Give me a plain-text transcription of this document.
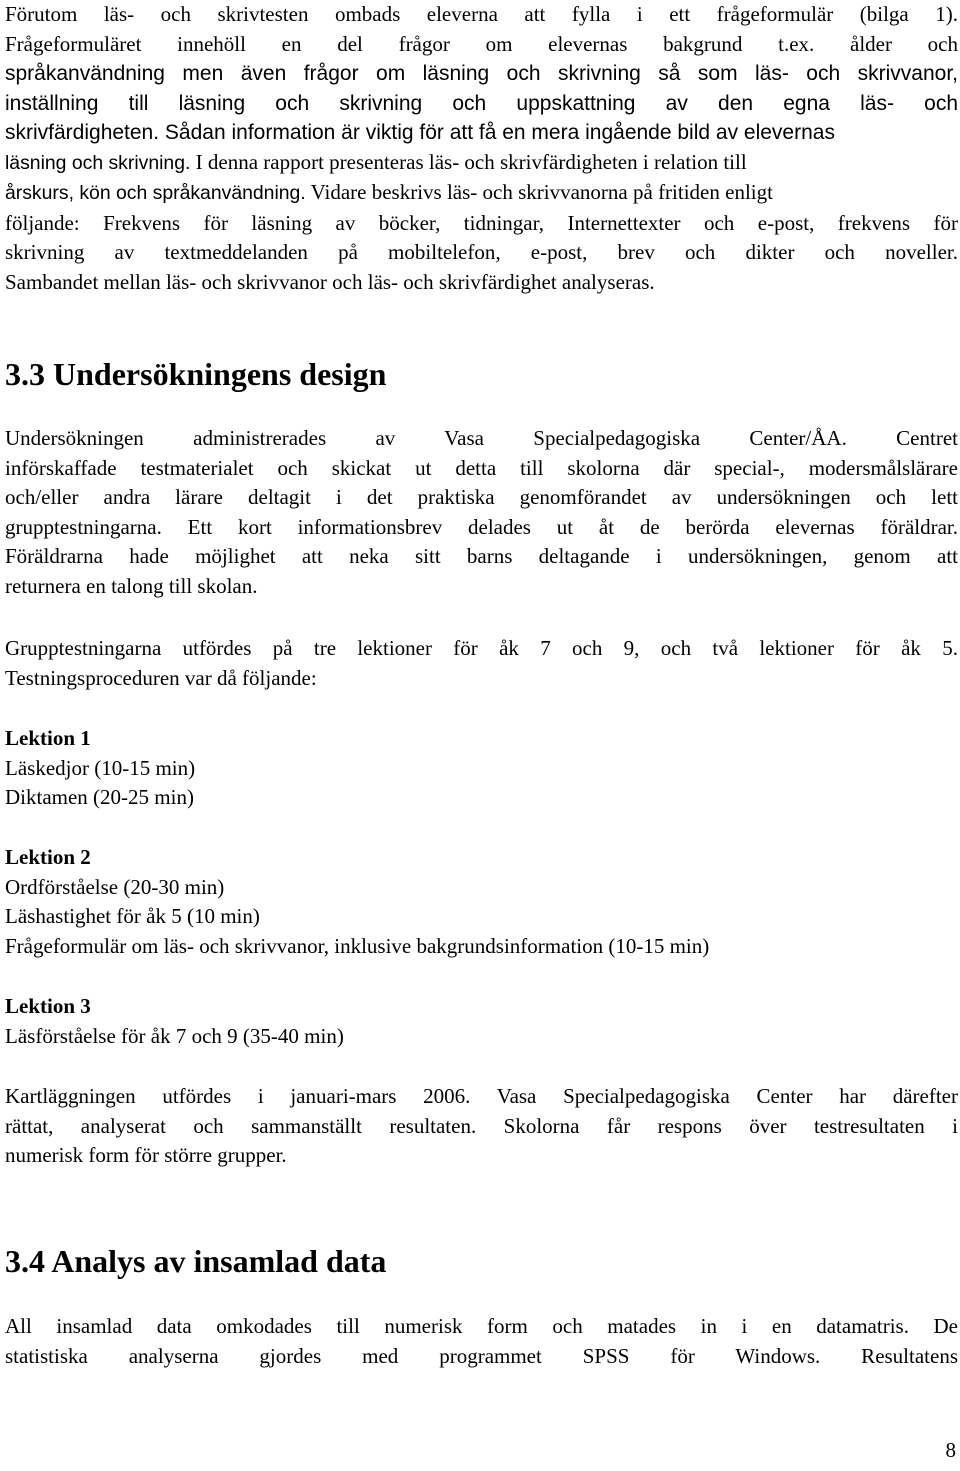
Förutom läs- och skrivtesten ombads eleverna att fylla i ett frågeformulär (bilga 1).
Frågeformuläret innehöll en del frågor om elevernas bakgrund t.ex. ålder och
språkanvändning men även frågor om läsning och skrivning så som läs- och skrivvanor,
inställning till läsning och skrivning och uppskattning av den egna läs- och
skrivfärdigheten. Sådan information är viktig för att få en mera ingående bild av elevernas
läsning och skrivning. I denna rapport presenteras läs- och skrivfärdigheten i relation till
årskurs, kön och språkanvändning. Vidare beskrivs läs- och skrivvanorna på fritiden enligt
följande: Frekvens för läsning av böcker, tidningar, Internettexter och e-post, frekvens för
skrivning av textmeddelanden på mobiltelefon, e-post, brev och dikter och noveller.
Sambandet mellan läs- och skrivvanor och läs- och skrivfärdighet analyseras.
3.3 Undersökningens design
Undersökningen administrerades av Vasa Specialpedagogiska Center/ÅA. Centret
införskaffade testmaterialet och skickat ut detta till skolorna där special-, modersmålslärare
och/eller andra lärare deltagit i det praktiska genomförandet av undersökningen och lett
grupptestningarna. Ett kort informationsbrev delades ut åt de berörda elevernas föräldrar.
Föräldrarna hade möjlighet att neka sitt barns deltagande i undersökningen, genom att
returnera en talong till skolan.
Grupptestningarna utfördes på tre lektioner för åk 7 och 9, och två lektioner för åk 5.
Testningsproceduren var då följande:
Lektion 1
Läskedjor (10-15 min)
Diktamen (20-25 min)
Lektion 2
Ordförståelse (20-30 min)
Läshastighet för åk 5 (10 min)
Frågeformulär om läs- och skrivvanor, inklusive bakgrundsinformation (10-15 min)
Lektion 3
Läsförståelse för åk 7 och 9 (35-40 min)
Kartläggningen utfördes i januari-mars 2006. Vasa Specialpedagogiska Center har därefter
rättat, analyserat och sammanställt resultaten. Skolorna får respons över testresultaten i
numerisk form för större grupper.
3.4 Analys av insamlad data
All insamlad data omkodades till numerisk form och matades in i en datamatris. De
statistiska analyserna gjordes med programmet SPSS för Windows. Resultatens
8
